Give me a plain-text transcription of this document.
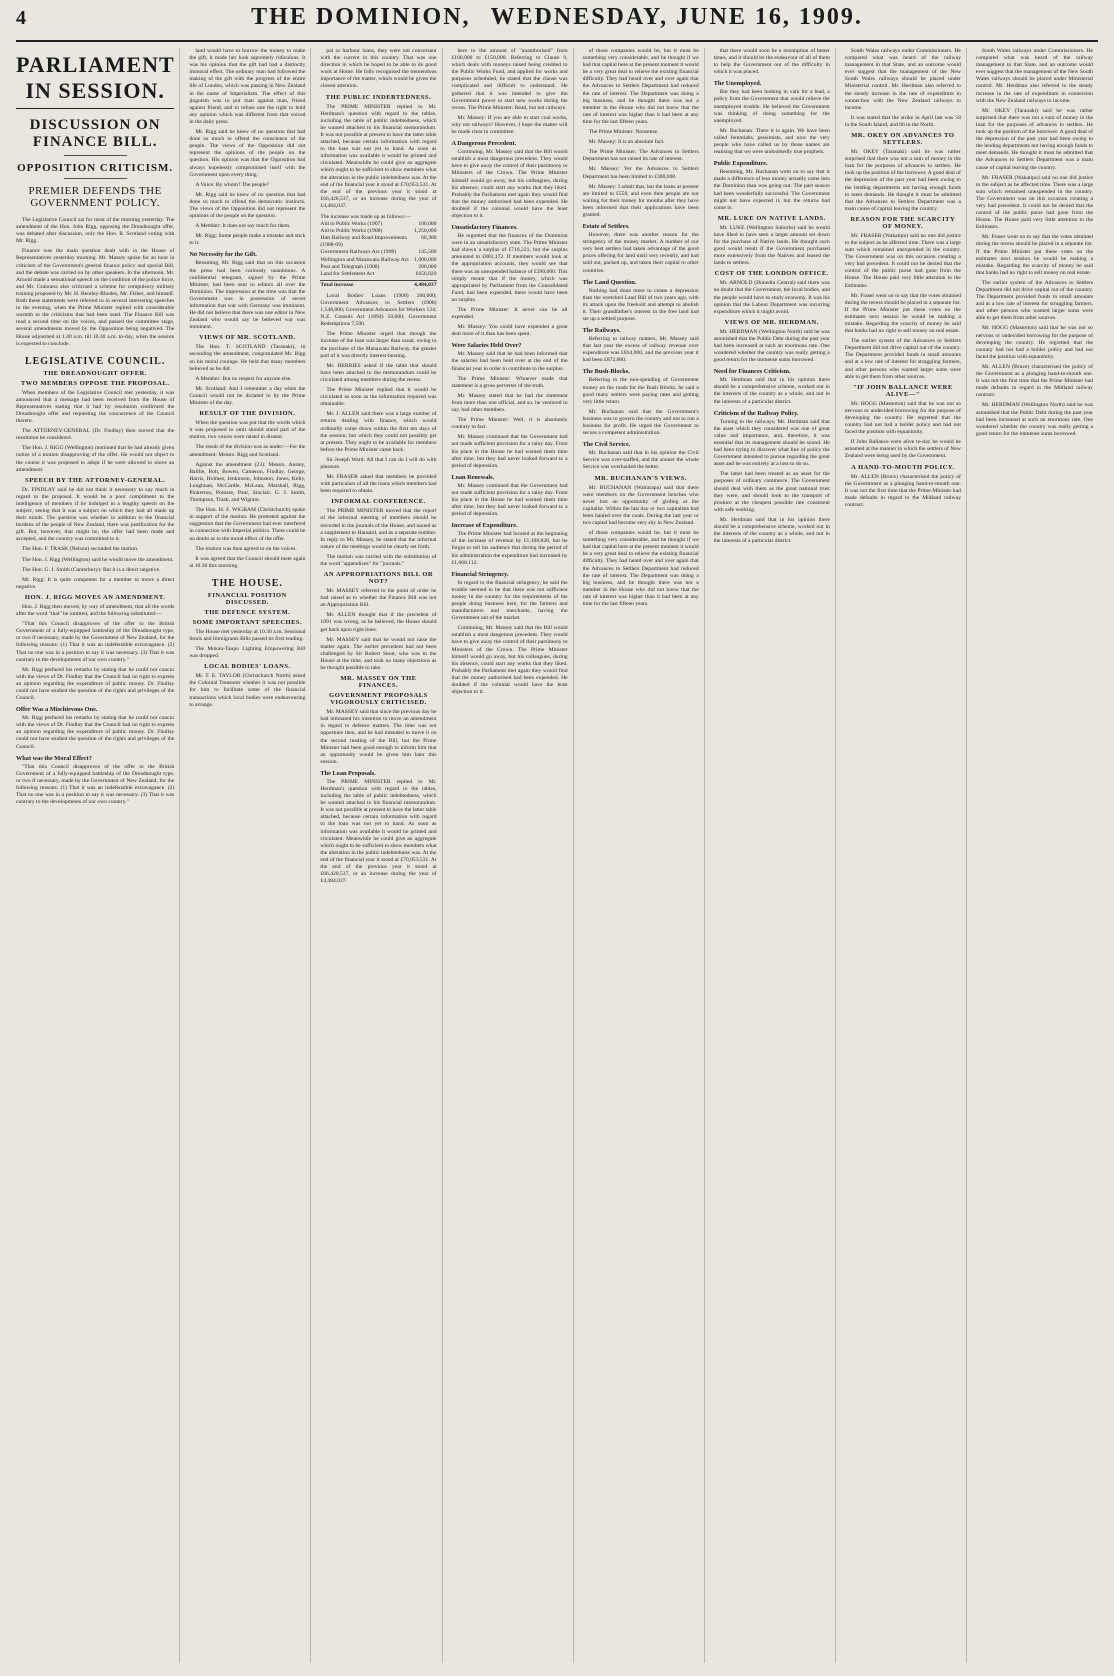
4	THE DOMINION, WEDNESDAY, JUNE 16, 1909.
PARLIAMENT IN SESSION.
DISCUSSION ON FINANCE BILL.
OPPOSITION CRITICISM.
PREMIER DEFENDS THE GOVERNMENT POLICY.

The Legislative Council sat for most of the morning yesterday. The amendment of the Hon. John Rigg, opposing the Dreadnought offer, was debated after discussion, only the Hon. R. Scotland voting with Mr. Rigg.

Finance was the main question dealt with in the House of Representatives yesterday morning. Mr. Massey spoke for an hour in criticism of the Government's general finance policy and special Bill, and the debate was carried on by other speakers. In the afternoon, Mr. Arnold made a sensational speech on the condition of the police force, and Mr. Guinness also criticised a scheme for compulsory military training proposed by Mr. H. Bentley-Rhodes, Mr. Fisher, and himself. Both these statements were referred to in several interesting speeches in the evening, when the Prime Minister replied with considerable warmth to the criticisms that had been used. The Finance Bill was read a second time on the voices, and passed the committee stage, several amendments moved by the Opposition being negatived. The House adjourned at 1.40 a.m. till 10.30 a.m. to-day, when the session is expected to conclude.

LEGISLATIVE COUNCIL.
THE DREADNOUGHT OFFER.
TWO MEMBERS OPPOSE THE PROPOSAL.

When members of the Legislative Council met yesterday, it was announced that a message had been received from the House of Representatives stating that it had by resolution confirmed the Dreadnought offer and requesting the concurrence of the Council thereto.

The ATTORNEY-GENERAL (Dr. Findlay) then moved that the resolution be considered.

The Hon. J. RIGG (Wellington) motioned that he had already given notice of a motion disapproving of the offer. He would not object to the course it was proposed to adopt if he were allowed to move an amendment.

SPEECH BY THE ATTORNEY-GENERAL.

Dr. FINDLAY said he did not think it necessary to say much in regard to the proposal. It would be a poor compliment to the intelligence of members if he indulged in a lengthy speech on the subject, seeing that it was a subject on which they had all made up their minds. The question was whether in addition to the financial burdens of the people of New Zealand, there was justification for the gift. But, however, that might be, the offer had been made and accepted, and the country was committed to it.

The Hon. F. TRASK (Nelson) seconded the motion.

The Hon. J. Rigg (Wellington) said he would move the amendment.

The Hon. G. J. Smith (Canterbury): But it is a direct negative.

Mr. Rigg: It is quite competent for a member to move a direct negative.

HON. J. RIGG MOVES AN AMENDMENT.

Hon. J. Rigg then moved, by way of amendment, that all the words after the word "that" be omitted, and the following substituted:—

"That this Council disapproves of the offer to the British Government of a fully-equipped battleship of the Dreadnought type, or two if necessary, made by the Government of New Zealand, for the following reasons: (1) That it was an indefensible extravagance. (2) That no one was in a position to say it was necessary. (3) That it was contrary to the developments of our own country."

Mr. Rigg prefaced his remarks by stating that he could not concur with the views of Dr. Findlay that the Council had no right to express an opinion regarding the expenditure of public money. Dr. Findlay could not have studied the question of the rights and privileges of the Council.

Offer Was a Mischievous One.

Mr. Rigg prefaced his remarks by stating that he could not concur with the views of Dr. Findlay that the Council had no right to express an opinion regarding the expenditure of public money. Dr. Findlay could not have studied the question of the rights and privileges of the Council.

What was the Moral Effect?

"That this Council disapproves of the offer to the British Government of a fully-equipped battleship of the Dreadnought type, or two if necessary, made by the Government of New Zealand, for the following reasons: (1) That it was an indefensible extravagance. (2) That no one was in a position to say it was necessary. (3) That it was contrary to the developments of our own country."

land would have to borrow the money to make the gift, it made her look supremely ridiculous. It was his opinion that the gift had had a distinctly immoral effect. The ordinary man had followed the making of the gift with the progress of the entire life of London, which was passing in New Zealand in the name of Imperialism. The effect of this jingoism was to put man against man, friend against friend, and to refuse one the right to hold any opinion which was different from that voiced in the daily press.

Mr. Rigg said he knew of no question that had done so much to offend the conscience of the people. The views of the Opposition did not represent the opinions of the people on the question. His opinion was that the Opposition had always hopelessly compromised itself with the Government upon every thing.

A Voice: By whom? The people?

Mr. Rigg said he knew of no question that had done so much to offend the democratic instincts. The views of the Opposition did not represent the opinions of the people on the question.

A Member: It does not say much for them.

Mr. Rigg: Some people make a mistake and stick to it.

No Necessity for the Gift.

Resuming, Mr. Rigg said that on this occasion the press had been curiously unanimous. A confidential telegram, signed by the Prime Minister, had been sent to editors all over the Dominion. The impression at the time was that the Government was in possession of secret information that war with Germany was imminent. He did not believe that there was one editor in New Zealand who would say he believed war was imminent.

VIEWS OF MR. SCOTLAND.

The Hon. T. SCOTLAND (Taranaki), in seconding the amendment, congratulated Mr. Rigg on his moral courage. He held that many members believed as he did.

A Member: But no respect for anyone else.

Mr. Scotland: And I remember a day when the Council would not be dictated to by the Prime Minister of the day.

RESULT OF THE DIVISION.

When the question was put that the words which it was proposed to omit should stand part of the motion, two voices were raised in dissent.

The result of the division was as under:—For the amendment: Messrs. Rigg and Scotland.

Against the amendment (23): Messrs. Anstey, Baillie, Bolt, Bowen, Cameron, Findlay, George, Harris, Holmes, Jenkinson, Johnston, Jones, Kelly, Loughnan, McCardle, McLean, Marshall, Rigg, Pinkerton, Pomare, Paul, Sinclair, G. J. Smith, Thompson, Trask, and Wigram.

The Hon. H. F. WIGRAM (Christchurch) spoke in support of the motion. He protested against the suggestion that the Government had ever interfered in connection with Imperial politics. There could be no doubt as to the moral effect of the offer.

The motion was then agreed to on the voices.

It was agreed that the Council should meet again at 10.30 this morning.

THE HOUSE.
FINANCIAL POSITION DISCUSSED.
THE DEFENCE SYSTEM.
SOME IMPORTANT SPEECHES.

The House met yesterday at 10.30 a.m. Sessional Stock and Immigrants Bills passed its first reading.

The Mokau-Taupo Lighting Empowering Bill was dropped.

LOCAL BODIES' LOANS.

Mr. T. E. TAYLOR (Christchurch North) asked the Colonial Treasurer whether it was not possible for him to facilitate some of the financial transactions which local bodies were endeavouring to arrange.

pal or harbour loans, they were not conversant with the current in this country. That was one direction in which he hoped to be able to do good work at Home. He fully recognised the tremendous importance of the matter, which would be given the closest attention.

THE PUBLIC INDEBTEDNESS.

The PRIME MINISTER replied to Mr. Herdman's question with regard to the tables, including the table of public indebtedness, which he wanted attached to his financial memorandum. It was not possible at present to have the latter table attached, because certain information with regard to the loan was not yet to hand. As soon as information was available it would be printed and circulated. Meanwhile he could give an aggregate which ought to be sufficient to show members what the alteration in the public indebtedness was. At the end of the financial year it stood at £70,953,531. At the end of the previous year it stood at £66,420,537, or an increase during the year of £4,484,037.

The increase was made up as follows:—
Aid to Public Works (1907)	100,000
Aid to Public Works (1908)	1,250,000
Hutt Railway and Road Improvements (1908-09)
60,300
Government Railways Act (1908)	145,500
Wellington and Manawatu Railway Act 1,000,000
Post and Telegraph (1908)	200,000
Land for Settlement Act	£656,020
Total increase	4,484,037

Local Bodies' Loans (1908) 260,000; Government Advances to Settlers (1908) 1,548,800; Government Advances for Workers 124; N.Z. Consols Act (1894) 50,000; Government Redemptions 7,500.

The Prime Minister urged that though the increase of the loan was larger than usual, owing to the purchase of the Manawatu Railway, the greater part of it was directly interest-bearing.

Mr. HERRIES asked if the table that should have been attached to the memorandum could be circulated among members during the recess.

The Prime Minister replied that it would be circulated as soon as the information required was obtainable.

Mr. J. ALLEN said there was a large number of returns dealing with finance, which would ordinarily come down within the first ten days of the session; but which they could not possibly get at present. They ought to be available for members before the Prime Minister came back.

Sir Joseph Ward: All that I can do I will do with pleasure.

Mr. FRASER asked that members be provided with particulars of all the loans which members had been required to obtain.

INFORMAL CONFERENCE.

The PRIME MINISTER moved that the report of the informal meeting of members should be recorded in the journals of the House, and issued as a supplement to Hansard, and as a separate number. In reply to Mr. Massey, he stated that the informal nature of the meetings would be clearly set forth.

The motion was carried with the substitution of the word "appendices" for "journals."

AN APPROPRIATIONS BILL OR NOT?

Mr. MASSEY referred to the point of order he had raised as to whether the Finance Bill was not an Appropriation Bill.

Mr. ALLEN thought that if the precedent of 1891 was wrong, as he believed, the House should get back upon right lines.

Mr. MASSEY said that he would not raise the matter again. The earlier precedent had not been challenged by Sir Robert Stout, who was in the House at the time, and took no many objections as he thought possible to take.

MR. MASSEY ON THE FINANCES.
GOVERNMENT PROPOSALS VIGOROUSLY CRITICISED.

Mr. MASSEY said that since the previous day he had intimated his intention to move an amendment in regard to defence matters. The time was not opportune then, and he had intended to move it on the second reading of the Bill, but the Prime Minister had been good enough to inform him that an opportunity would be given him later this session.

The Loan Proposals.

The PRIME MINISTER replied to Mr. Herdman's question with regard to the tables, including the table of public indebtedness, which he wanted attached to his financial memorandum. It was not possible at present to have the latter table attached, because certain information with regard to the loan was not yet to hand. As soon as information was available it would be printed and circulated. Meanwhile he could give an aggregate which ought to be sufficient to show members what the alteration in the public indebtedness was. At the end of the financial year it stood at £70,953,531. At the end of the previous year it stood at £66,420,537, or an increase during the year of £4,484,037.

here to the amount of "unauthorised" from £100,000 to £150,000. Referring to Clause 9, which deals with moneys raised being credited to the Public Works Fund, and applied for works and purposes scheduled, he stated that the clause was complicated and difficult to understand. He gathered that it was intended to give the Government power to start new works during the recess. The Prime Minister: Read, but not railways.

Mr. Massey: If you are able to start coal works, why not railways? However, I hope the matter will be made clear in committee.

A Dangerous Precedent.

Continuing, Mr. Massey said that the Bill would establish a most dangerous precedent. They would have to give away the control of their parsimony to Ministers of the Crown. The Prime Minister himself would go away, but his colleagues, during his absence, could start any works that they liked. Probably the Parliament met again they would find that the money authorised had been expended. He doubted if the colonial would have the least objection to it.

Unsatisfactory Finances.

He regretted that the finances of the Dominion were in an unsatisfactory state. The Prime Minister had shown a surplus of £716,221, but the surplus amounted to £881,172. If members would look at the appropriation accounts, they would see that there was an unexpended balance of £390,000. This simply meant that if the money, which was appropriated by Parliament from the Consolidated Fund, had been expended, there would have been no surplus.

The Prime Minister: It never can be all expended.

Mr. Massey: You could have expended a great deal more of it than has been spent.

Were Salaries Held Over?

Mr. Massey said that he had been informed that the salaries had been held over at the end of the financial year in order to contribute to the surplus.

The Prime Minister: Whoever made that statement is a gross perverter of the truth.

Mr. Massey stated that he had the statement from more than one official, and so, he ventured to say, had other members.

The Prime Minister: Well, it is absolutely contrary to fact.

Mr. Massey continued that the Government had not made sufficient provision for a rainy day. From his place in the House he had warned them time after time, but they had never looked forward to a period of depression.

Loan Renewals.

Mr. Massey continued that the Government had not made sufficient provision for a rainy day. From his place in the House he had warned them time after time, but they had never looked forward to a period of depression.

Increase of Expenditure.

The Prime Minister had located at the beginning of the increase of revenue by £1,108,828, but he forgot to tell his audience that during the period of his administration the expenditure had increased by £1,068,112.

Financial Stringency.

In regard to the financial stringency, he said the trouble seemed to be that there was not sufficient money in the country for the requirements of the people doing business here, for the farmers and manufacturers and merchants, having the Government out of the market.

Continuing, Mr. Massey said that the Bill would establish a most dangerous precedent. They would have to give away the control of their parsimony to Ministers of the Crown. The Prime Minister himself would go away, but his colleagues, during his absence, could start any works that they liked. Probably the Parliament met again they would find that the money authorised had been expended. He doubted if the colonial would have the least objection to it.

of those companies would be, but it must be something very considerable, and he thought if we had that capital here at the present moment it would be a very great deal to relieve the existing financial difficulty. They had heard over and over again that the Advances to Settlers Department had reduced the rate of interest. The Department was doing a big business, and he thought there was not a member in the House who did not know that the rate of interest was higher than it had been at any time for the last fifteen years.

The Prime Minister: Nonsense.

Mr. Massey: It is an absolute fact.

The Prime Minister: The Advances to Settlers Department has not raised its rate of interest.

Mr. Massey: Yet the Advances to Settlers Department has been limited to £300,000.

Mr. Massey: I admit that, but the loans at present are limited to £550, and even then people are not waiting for their money for months after they have been informed that their applications have been granted.

Estate of Settlers.

However, there was another reason for the stringency of the money market. A number of our very best settlers had taken advantage of the good prices offering for land until very recently, and had sold out, packed up, and taken their capital to other countries.

The Land Question.

Nothing had done more to create a depression than the wretched Land Bill of two years ago, with its attack upon the freehold and attempt to abolish it. Their grandfather's interest in the free land had set up a settled purpose.

The Railways.

Referring to railway matters, Mr. Massey said that last year the excess of railway revenue over expenditure was £814,000, and the previous year it had been £872,000.

The Bush-Blocks.

Referring to the non-spending of Government money on the roads for the Bush Blocks, he said a good many settlers were paying rates and getting very little return.

Mr. Buchanan said that the Government's business was to govern the country and not to run a business for profit. He urged the Government to secure a competent administration.

The Civil Service.

Mr. Buchanan said that in his opinion the Civil Service was over-staffed, and the sooner the whole Service was overhauled the better.

MR. BUCHANAN'S VIEWS.

Mr. BUCHANAN (Wairarapa) said that there were members on the Government benches who never lost an opportunity of girding at the capitalist. Within the last day or two capitalists had been hauled over the coals. During the last year or two capital had become very shy in New Zealand.

of those companies would be, but it must be something very considerable, and he thought if we had that capital here at the present moment it would be a very great deal to relieve the existing financial difficulty. They had heard over and over again that the Advances to Settlers Department had reduced the rate of interest. The Department was doing a big business, and he thought there was not a member in the House who did not know that the rate of interest was higher than it had been at any time for the last fifteen years.

that there would soon be a resumption of better times, and it should be the endeavour of all of them to help the Government out of the difficulty in which it was placed.

The Unemployed.

But they had been looking in vain for a lead, a policy from the Government that would relieve the unemployed trouble. He believed the Government was thinking of doing something for the unemployed.

Mr. Buchanan: There it is again. We have been called Jeremiahs, pessimists, and now the very people who have called us by those names are realising that we were undoubtedly true prophets.

Public Expenditure.

Resuming, Mr. Buchanan went on to say that it made a difference of less money actually came into the Dominion than was going out. The past season had been wonderfully successful. The Government might not have expected it, but the returns had come in.

MR. LUKE ON NATIVE LANDS.

Mr. LUKE (Wellington Suburbs) said he would have liked to have seen a larger amount set down for the purchase of Native lands. He thought such good would result if the Government purchased more extensively from the Natives and leased the lands to settlers.

COST OF THE LONDON OFFICE.

Mr. ARNOLD (Dunedin Central) said there was no doubt that the Government, the local bodies, and the people would have to study economy. It was his opinion that the Labour Department was incurring expenditure which it might avoid.

VIEWS OF MR. HERDMAN.

Mr. HERDMAN (Wellington North) said he was astonished that the Public Debt during the past year had been increased at such an enormous rate. One wondered whether the country was really getting a good return for the immense sums borrowed.

Need for Finances Criticism.

Mr. Herdman said that in his opinion there should be a comprehensive scheme, worked out in the interests of the country as a whole, and not in the interests of a particular district.

Criticism of the Railway Policy.

Turning to the railways, Mr. Herdman said that the asset which they considered was one of great value and importance, and, therefore, it was essential that its management should be sound. He had been trying to discover what line of policy the Government intended to pursue regarding the great asset and he was entirely at a loss to do so.

The latter had been treated as an asset for the purposes of ordinary commerce. The Government should deal with them as the great national trust they were, and should look to the transport of produce at the cheapest possible rate consistent with safe working.

Mr. Herdman said that in his opinion there should be a comprehensive scheme, worked out in the interests of the country as a whole, and not in the interests of a particular district.

South Wales railways under Commissioners. He compared what was heard of the railway management in that State, and an outcome would ever suggest that the management of the New South Wales railways should be placed under Ministerial control. Mr. Herdman also referred to the steady increase in the rate of expenditure in connection with the New Zealand railways to income.

It was stated that the strike in April last was 58 in the South Island, and 66 in the North.

MR. OKEY ON ADVANCES TO SETTLERS.

Mr. OKEY (Taranaki) said he was rather surprised that there was not a sum of money in the loan for the purposes of advances to settlers. He took up the position of the borrower. A good deal of the depression of the past year had been owing to the lending departments not having enough funds to meet demands. He thought it must be admitted that the Advances to Settlers Department was a main cause of capital leaving the country.

REASON FOR THE SCARCITY OF MONEY.

Mr. FRASER (Wakatipu) said no one did justice to the subject as he affected time. There was a large sum which remained unexpended in the country. The Government was on this occasion creating a very bad precedent. It could not be denied that the control of the public purse had gone from the House. The House paid very little attention to the Estimates.

Mr. Fraser went on to say that the votes obtained during the recess should be placed in a separate list. If the Prime Minister put these votes on the estimates next session he would be making a mistake. Regarding the scarcity of money he said that banks had no right to sell money on real estate.

The earlier system of the Advances to Settlers Department did not drive capital out of the country. The Department provided funds in small amounts and at a low rate of interest for struggling farmers, and other persons who wanted larger sums were able to get them from other sources.

"IF JOHN BALLANCE WERE ALIVE—"

Mr. HOGG (Masterton) said that he was not so nervous or undecided borrowing for the purpose of developing the country. He regretted that the country had not had a bolder policy and had not faced the position with equanimity.

If John Ballance were alive to-day he would be ashamed at the manner in which the settlers of New Zealand were being used by the Government.

A HAND-TO-MOUTH POLICY.

Mr. ALLEN (Bruce) characterised the policy of the Government as a plunging hand-to-mouth one. It was not the first time that the Prime Minister had made defaults in regard to the Midland railway contract.

South Wales railways under Commissioners. He compared what was heard of the railway management in that State, and an outcome would ever suggest that the management of the New South Wales railways should be placed under Ministerial control. Mr. Herdman also referred to the steady increase in the rate of expenditure in connection with the New Zealand railways to income.

Mr. OKEY (Taranaki) said he was rather surprised that there was not a sum of money in the loan for the purposes of advances to settlers. He took up the position of the borrower. A good deal of the depression of the past year had been owing to the lending departments not having enough funds to meet demands. He thought it must be admitted that the Advances to Settlers Department was a main cause of capital leaving the country.

Mr. FRASER (Wakatipu) said no one did justice to the subject as he affected time. There was a large sum which remained unexpended in the country. The Government was on this occasion creating a very bad precedent. It could not be denied that the control of the public purse had gone from the House. The House paid very little attention to the Estimates.

Mr. Fraser went on to say that the votes obtained during the recess should be placed in a separate list. If the Prime Minister put these votes on the estimates next session he would be making a mistake. Regarding the scarcity of money he said that banks had no right to sell money on real estate.

The earlier system of the Advances to Settlers Department did not drive capital out of the country. The Department provided funds in small amounts and at a low rate of interest for struggling farmers, and other persons who wanted larger sums were able to get them from other sources.

Mr. HOGG (Masterton) said that he was not so nervous or undecided borrowing for the purpose of developing the country. He regretted that the country had not had a bolder policy and had not faced the position with equanimity.

Mr. ALLEN (Bruce) characterised the policy of the Government as a plunging hand-to-mouth one. It was not the first time that the Prime Minister had made defaults in regard to the Midland railway contract.

Mr. HERDMAN (Wellington North) said he was astonished that the Public Debt during the past year had been increased at such an enormous rate. One wondered whether the country was really getting a good return for the immense sums borrowed.
